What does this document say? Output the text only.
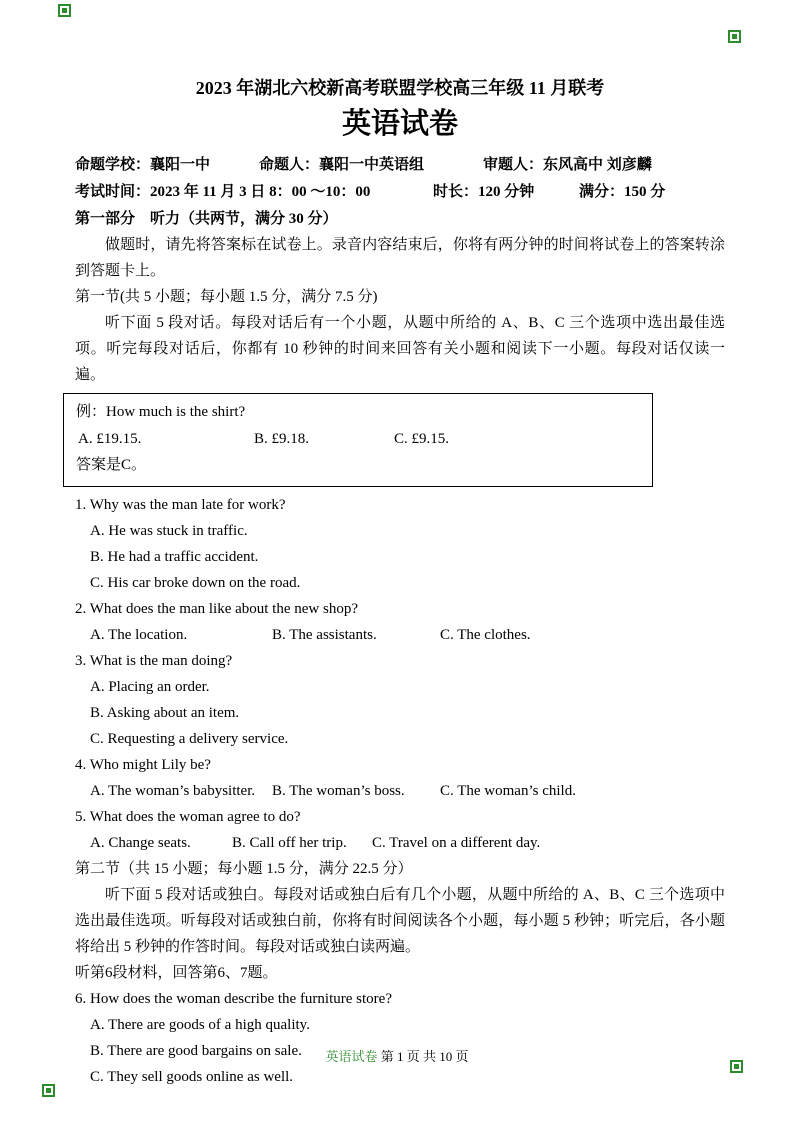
2023 年湖北六校新高考联盟学校高三年级 11 月联考
英语试卷
命题学校：襄阳一中	命题人：襄阳一中英语组	审题人：东风高中 刘彦麟
考试时间：2023 年 11 月 3 日 8：00 ～10：00	时长：120 分钟	满分：150 分
第一部分　听力（共两节，满分 30 分）
做题时，请先将答案标在试卷上。录音内容结束后，你将有两分钟的时间将试卷上的答案转涂到答题卡上。
第一节(共 5 小题；每小题 1.5 分，满分 7.5 分)
听下面 5 段对话。每段对话后有一个小题，从题中所给的 A、B、C 三个选项中选出最佳选项。听完每段对话后，你都有 10 秒钟的时间来回答有关小题和阅读下一小题。每段对话仅读一遍。
例：How much is the shirt?
A. £19.15.	B. £9.18.	C. £9.15.
答案是C。
1. Why was the man late for work?
A. He was stuck in traffic.
B. He had a traffic accident.
C. His car broke down on the road.
2. What does the man like about the new shop?
A. The location.	B. The assistants.	C. The clothes.
3. What is the man doing?
A. Placing an order.
B. Asking about an item.
C. Requesting a delivery service.
4. Who might Lily be?
A. The woman’s babysitter.	B. The woman’s boss.	C. The woman’s child.
5. What does the woman agree to do?
A. Change seats.	B. Call off her trip.	C. Travel on a different day.
第二节（共 15 小题；每小题 1.5 分，满分 22.5 分）
听下面 5 段对话或独白。每段对话或独白后有几个小题，从题中所给的 A、B、C 三个选项中选出最佳选项。听每段对话或独白前，你将有时间阅读各个小题，每小题 5 秒钟；听完后，各小题将给出 5 秒钟的作答时间。每段对话或独白读两遍。
听第6段材料，回答第6、7题。
6. How does the woman describe the furniture store?
A. There are goods of a high quality.
B. There are good bargains on sale.
C. They sell goods online as well.
英语试卷 第 1 页 共 10 页
